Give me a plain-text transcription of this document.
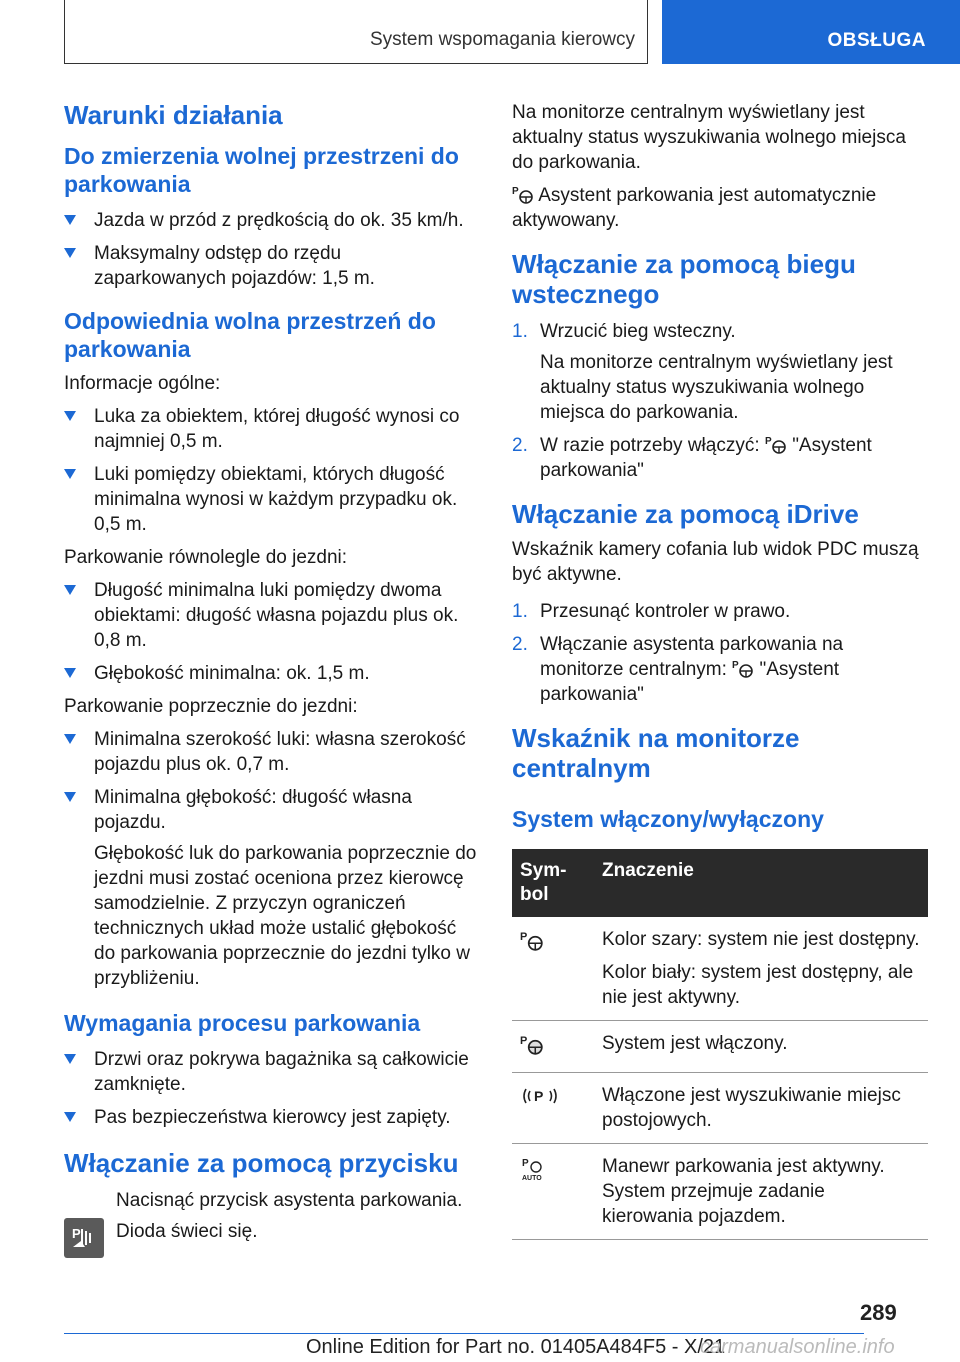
System wspomagania kierowcy	OBSŁUGA
Warunki działania
Do zmierzenia wolnej przestrzeni do parkowania
Jazda w przód z prędkością do ok. 35 km/h.
Maksymalny odstęp do rzędu zaparkowanych pojazdów: 1,5 m.
Odpowiednia wolna przestrzeń do parkowania

Informacje ogólne:

Luka za obiektem, której długość wynosi co najmniej 0,5 m.
Luki pomiędzy obiektami, których długość minimalna wynosi w każdym przypadku ok. 0,5 m.

Parkowanie równolegle do jezdni:

Długość minimalna luki pomiędzy dwoma obiektami: długość własna pojazdu plus ok. 0,8 m.
Głębokość minimalna: ok. 1,5 m.

Parkowanie poprzecznie do jezdni:

Minimalna szerokość luki: własna szerokość pojazdu plus ok. 0,7 m.
Minimalna głębokość: długość własna pojazdu.

Głębokość luk do parkowania poprzecznie do jezdni musi zostać oceniona przez kierowcę samodzielnie. Z przyczyn ograniczeń technicznych układ może ustalić głębokość do parkowania poprzecznie do jezdni tylko w przybliżeniu.

Wymagania procesu parkowania
Drzwi oraz pokrywa bagażnika są całkowicie zamknięte.
Pas bezpieczeństwa kierowcy jest zapięty.
Włączanie za pomocą przycisku

Nacisnąć przycisk asystenta parkowania.

Dioda świeci się.

P

Na monitorze centralnym wyświetlany jest aktualny status wyszukiwania wolnego miejsca do parkowania.

P Asystent parkowania jest automatycznie aktywowany.

Włączanie za pomocą biegu wstecznego
1. Wrzucić bieg wsteczny.

Na monitorze centralnym wyświetlany jest aktualny status wyszukiwania wolnego miejsca do parkowania.

2. W razie potrzeby włączyć: P "Asystent parkowania"
Włączanie za pomocą iDrive

Wskaźnik kamery cofania lub widok PDC muszą być aktywne.

1. Przesunąć kontroler w prawo.
2. Włączanie asystenta parkowania na monitorze centralnym: P "Asystent parkowania"
Wskaźnik na monitorze centralnym
System włączony/wyłączony
Sym-bol	Znaczenie

P	Kolor szary: system nie jest dostępny.

Kolor biały: system jest dostępny, ale nie jest aktywny.

P	System jest włączony.

P	Włączone jest wyszukiwanie miejsc postojowych.

P
AUTO	Manewr parkowania jest aktywny. System przejmuje zadanie kierowania pojazdem.

289
Online Edition for Part no. 01405A484F5 - X/21
carmanualsonline.info
